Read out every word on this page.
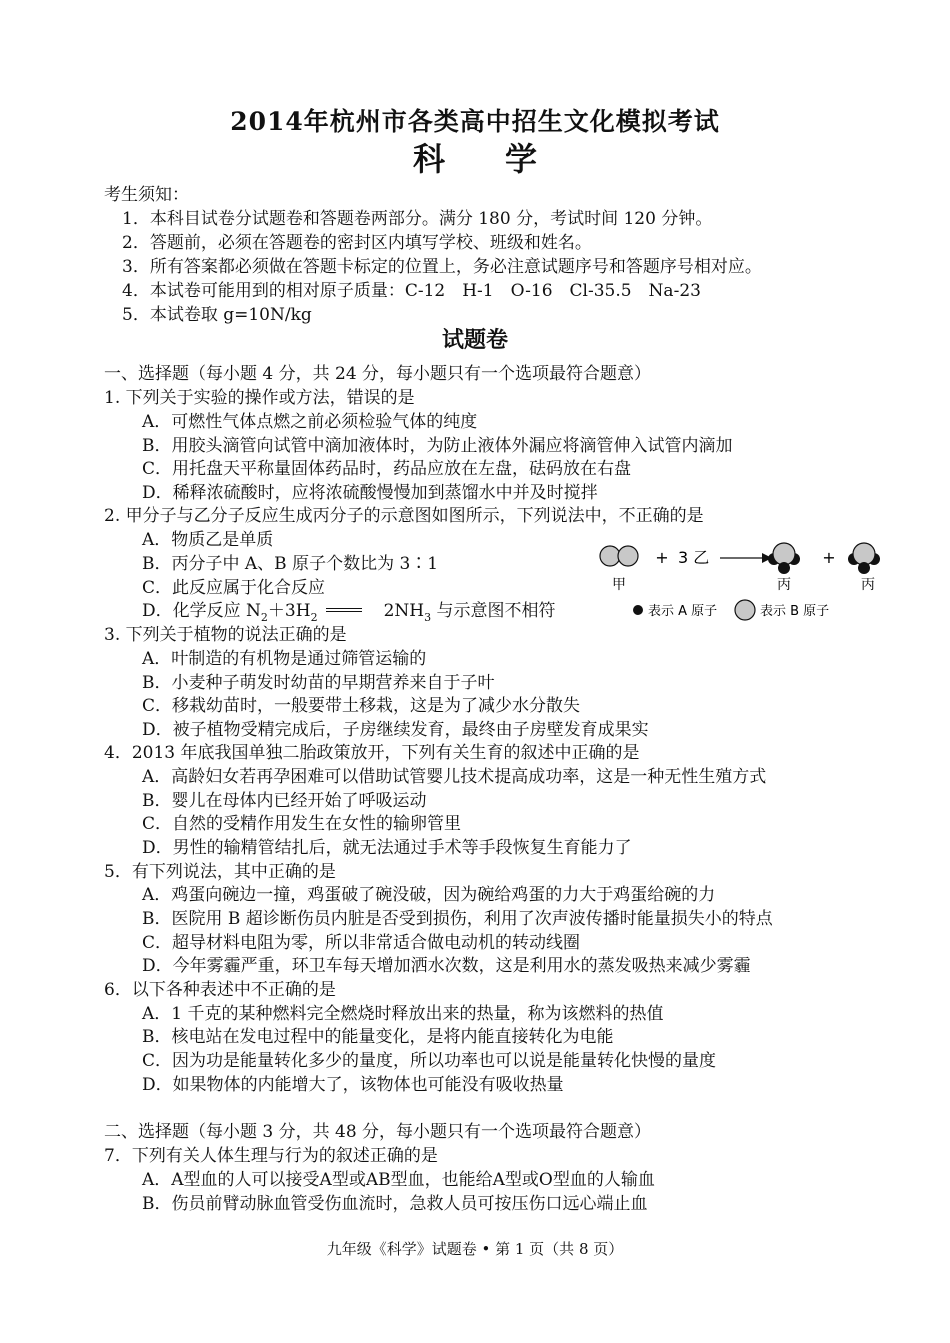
2014年杭州市各类高中招生文化模拟考试
科学
考生须知：
1．本科目试卷分试题卷和答题卷两部分。满分 180 分，考试时间 120 分钟。
2．答题前，必须在答题卷的密封区内填写学校、班级和姓名。
3．所有答案都必须做在答题卡标定的位置上，务必注意试题序号和答题序号相对应。
4．本试卷可能用到的相对原子质量：C-12　H-1　O-16　Cl-35.5　Na-23
5．本试卷取 g=10N/kg
试题卷
一、选择题（每小题 4 分，共 24 分，每小题只有一个选项最符合题意）
1. 下列关于实验的操作或方法，错误的是
A．可燃性气体点燃之前必须检验气体的纯度
B．用胶头滴管向试管中滴加液体时，为防止液体外漏应将滴管伸入试管内滴加
C．用托盘天平称量固体药品时，药品应放在左盘，砝码放在右盘
D．稀释浓硫酸时，应将浓硫酸慢慢加到蒸馏水中并及时搅拌
2. 甲分子与乙分子反应生成丙分子的示意图如图所示，下列说法中，不正确的是
A．物质乙是单质
B．丙分子中 A、B 原子个数比为 3∶1
C．此反应属于化合反应
D．化学反应 $N_2+3H_2$	$2NH_3$ 与示意图不相符
甲
+ 3 乙
丙
+
丙
表示 A 原子	表示 B 原子
3. 下列关于植物的说法正确的是
A．叶制造的有机物是通过筛管运输的
B．小麦种子萌发时幼苗的早期营养来自于子叶
C．移栽幼苗时，一般要带土移栽，这是为了减少水分散失
D．被子植物受精完成后，子房继续发育，最终由子房壁发育成果实
4．2013 年底我国单独二胎政策放开，下列有关生育的叙述中正确的是
A．高龄妇女若再孕困难可以借助试管婴儿技术提高成功率，这是一种无性生殖方式
B．婴儿在母体内已经开始了呼吸运动
C．自然的受精作用发生在女性的输卵管里
D．男性的输精管结扎后，就无法通过手术等手段恢复生育能力了
5．有下列说法，其中正确的是
A．鸡蛋向碗边一撞，鸡蛋破了碗没破，因为碗给鸡蛋的力大于鸡蛋给碗的力
B．医院用 B 超诊断伤员内脏是否受到损伤，利用了次声波传播时能量损失小的特点
C．超导材料电阻为零，所以非常适合做电动机的转动线圈
D．今年雾霾严重，环卫车每天增加洒水次数，这是利用水的蒸发吸热来减少雾霾
6．以下各种表述中不正确的是
A．1 千克的某种燃料完全燃烧时释放出来的热量，称为该燃料的热值
B．核电站在发电过程中的能量变化，是将内能直接转化为电能
C．因为功是能量转化多少的量度，所以功率也可以说是能量转化快慢的量度
D．如果物体的内能增大了，该物体也可能没有吸收热量
二、选择题（每小题 3 分，共 48 分，每小题只有一个选项最符合题意）
7．下列有关人体生理与行为的叙述正确的是
A．A型血的人可以接受A型或AB型血，也能给A型或O型血的人输血
B．伤员前臂动脉血管受伤血流时，急救人员可按压伤口远心端止血
九年级《科学》试题卷 • 第 1 页（共 8 页）
